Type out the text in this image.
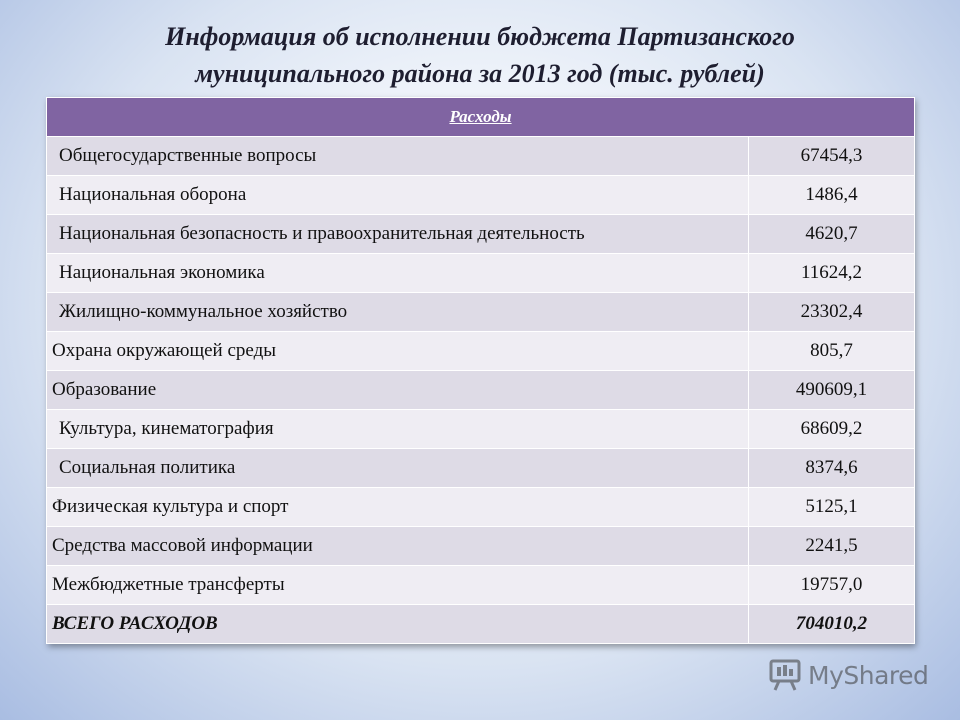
Информация об исполнении бюджета Партизанского
муниципального района за 2013 год (тыс. рублей)
Расходы	
Общегосударственные вопросы	67454,3
Национальная оборона	1486,4
Национальная безопасность и правоохранительная деятельность	4620,7
Национальная экономика	11624,2
Жилищно-коммунальное хозяйство	23302,4
Охрана окружающей среды	805,7
Образование	490609,1
Культура, кинематография	68609,2
Социальная политика	8374,6
Физическая культура и спорт	5125,1
Средства массовой информации	2241,5
Межбюджетные трансферты	19757,0
ВСЕГО РАСХОДОВ	704010,2
MyShared
